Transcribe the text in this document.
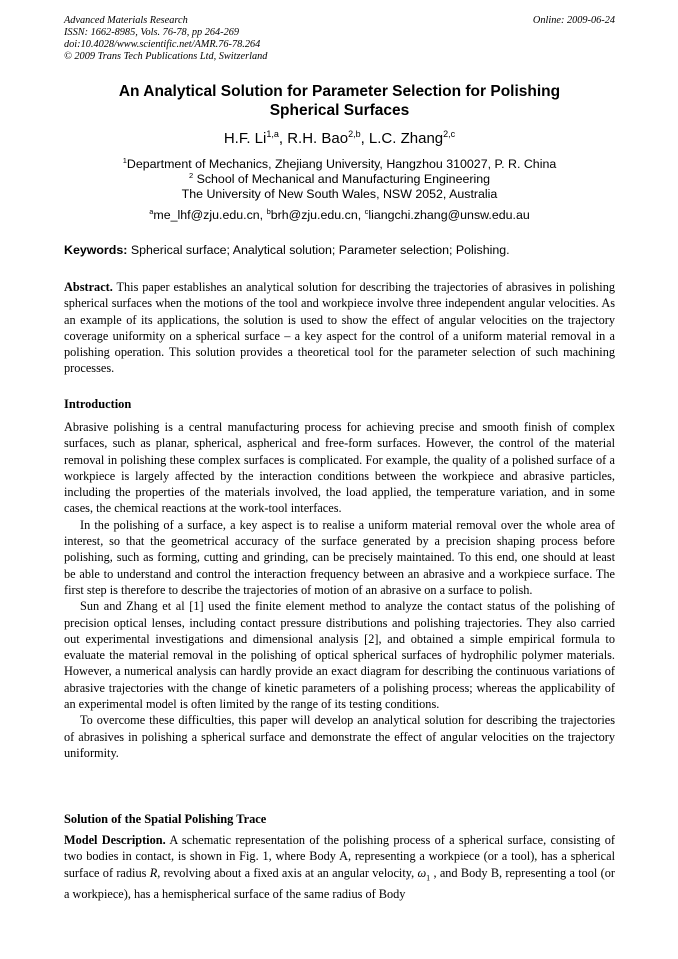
Advanced Materials Research
ISSN: 1662-8985, Vols. 76-78, pp 264-269
doi:10.4028/www.scientific.net/AMR.76-78.264
© 2009 Trans Tech Publications Ltd, Switzerland
Online: 2009-06-24
An Analytical Solution for Parameter Selection for Polishing
Spherical Surfaces
H.F. Li$^{1,a}$, R.H. Bao$^{2,b}$, L.C. Zhang$^{2,c}$
$^1$Department of Mechanics, Zhejiang University, Hangzhou 310027, P. R. China
$^2$ School of Mechanical and Manufacturing Engineering
The University of New South Wales, NSW 2052, Australia
$^a$me_lhf@zju.edu.cn, $^b$brh@zju.edu.cn, $^c$liangchi.zhang@unsw.edu.au
Keywords: Spherical surface; Analytical solution; Parameter selection; Polishing.

Abstract. This paper establishes an analytical solution for describing the trajectories of abrasives in polishing spherical surfaces when the motions of the tool and workpiece involve three independent angular velocities. As an example of its applications, the solution is used to show the effect of angular velocities on the trajectory coverage uniformity on a spherical surface – a key aspect for the control of a uniform material removal in a polishing operation. This solution provides a theoretical tool for the parameter selection of such machining processes.

Introduction

Abrasive polishing is a central manufacturing process for achieving precise and smooth finish of complex surfaces, such as planar, spherical, aspherical and free-form surfaces. However, the control of the material removal in polishing these complex surfaces is complicated. For example, the quality of a polished surface of a workpiece is largely affected by the interaction conditions between the workpiece and abrasive particles, including the properties of the materials involved, the load applied, the temperature variation, and in some cases, the chemical reactions at the work-tool interfaces.

In the polishing of a surface, a key aspect is to realise a uniform material removal over the whole area of interest, so that the geometrical accuracy of the surface generated by a precision shaping process before polishing, such as forming, cutting and grinding, can be precisely maintained. To this end, one should at least be able to understand and control the interaction frequency between an abrasive and a workpiece surface. The first step is therefore to describe the trajectories of motion of an abrasive on a surface to polish.

Sun and Zhang et al [1] used the finite element method to analyze the contact status of the polishing of precision optical lenses, including contact pressure distributions and polishing trajectories. They also carried out experimental investigations and dimensional analysis [2], and obtained a simple empirical formula to evaluate the material removal in the polishing of optical spherical surfaces of hydrophilic polymer materials. However, a numerical analysis can hardly provide an exact diagram for describing the continuous variations of abrasive trajectories with the change of kinetic parameters of a polishing process; whereas the applicability of an experimental model is often limited by the range of its testing conditions.

To overcome these difficulties, this paper will develop an analytical solution for describing the trajectories of abrasives in polishing a spherical surface and demonstrate the effect of angular velocities on the trajectory uniformity.

Solution of the Spatial Polishing Trace

Model Description. A schematic representation of the polishing process of a spherical surface, consisting of two bodies in contact, is shown in Fig. 1, where Body A, representing a workpiece (or a tool), has a spherical surface of radius R, revolving about a fixed axis at an angular velocity, $\omega_1$ , and Body B, representing a tool (or a workpiece), has a hemispherical surface of the same radius of Body
